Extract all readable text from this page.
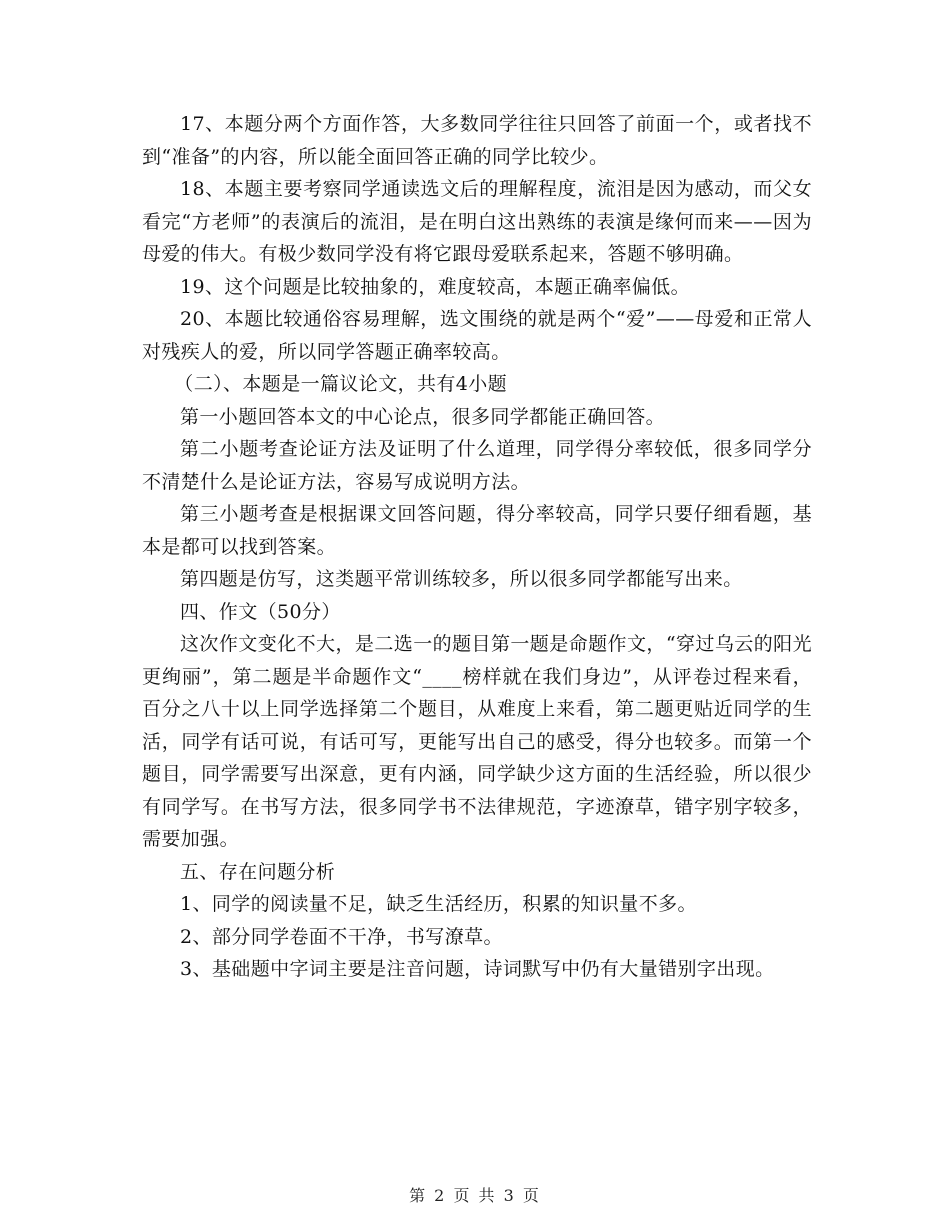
17、本题分两个方面作答，大多数同学往往只回答了前面一个，或者找不到“准备”的内容，所以能全面回答正确的同学比较少。

18、本题主要考察同学通读选文后的理解程度，流泪是因为感动，而父女看完“方老师”的表演后的流泪，是在明白这出熟练的表演是缘何而来——因为母爱的伟大。有极少数同学没有将它跟母爱联系起来，答题不够明确。

19、这个问题是比较抽象的，难度较高，本题正确率偏低。

20、本题比较通俗容易理解，选文围绕的就是两个“爱”——母爱和正常人对残疾人的爱，所以同学答题正确率较高。

（二）、本题是一篇议论文，共有4小题

第一小题回答本文的中心论点，很多同学都能正确回答。

第二小题考查论证方法及证明了什么道理，同学得分率较低，很多同学分不清楚什么是论证方法，容易写成说明方法。

第三小题考查是根据课文回答问题，得分率较高，同学只要仔细看题，基本是都可以找到答案。

第四题是仿写，这类题平常训练较多，所以很多同学都能写出来。

四、作文（50分）

这次作文变化不大，是二选一的题目第一题是命题作文，“穿过乌云的阳光更绚丽”，第二题是半命题作文“____榜样就在我们身边”，从评卷过程来看，百分之八十以上同学选择第二个题目，从难度上来看，第二题更贴近同学的生活，同学有话可说，有话可写，更能写出自己的感受，得分也较多。而第一个题目，同学需要写出深意，更有内涵，同学缺少这方面的生活经验，所以很少有同学写。在书写方法，很多同学书不法律规范，字迹潦草，错字别字较多，需要加强。

五、存在问题分析

1、同学的阅读量不足，缺乏生活经历，积累的知识量不多。

2、部分同学卷面不干净，书写潦草。

3、基础题中字词主要是注音问题，诗词默写中仍有大量错别字出现。

第 2 页 共 3 页
